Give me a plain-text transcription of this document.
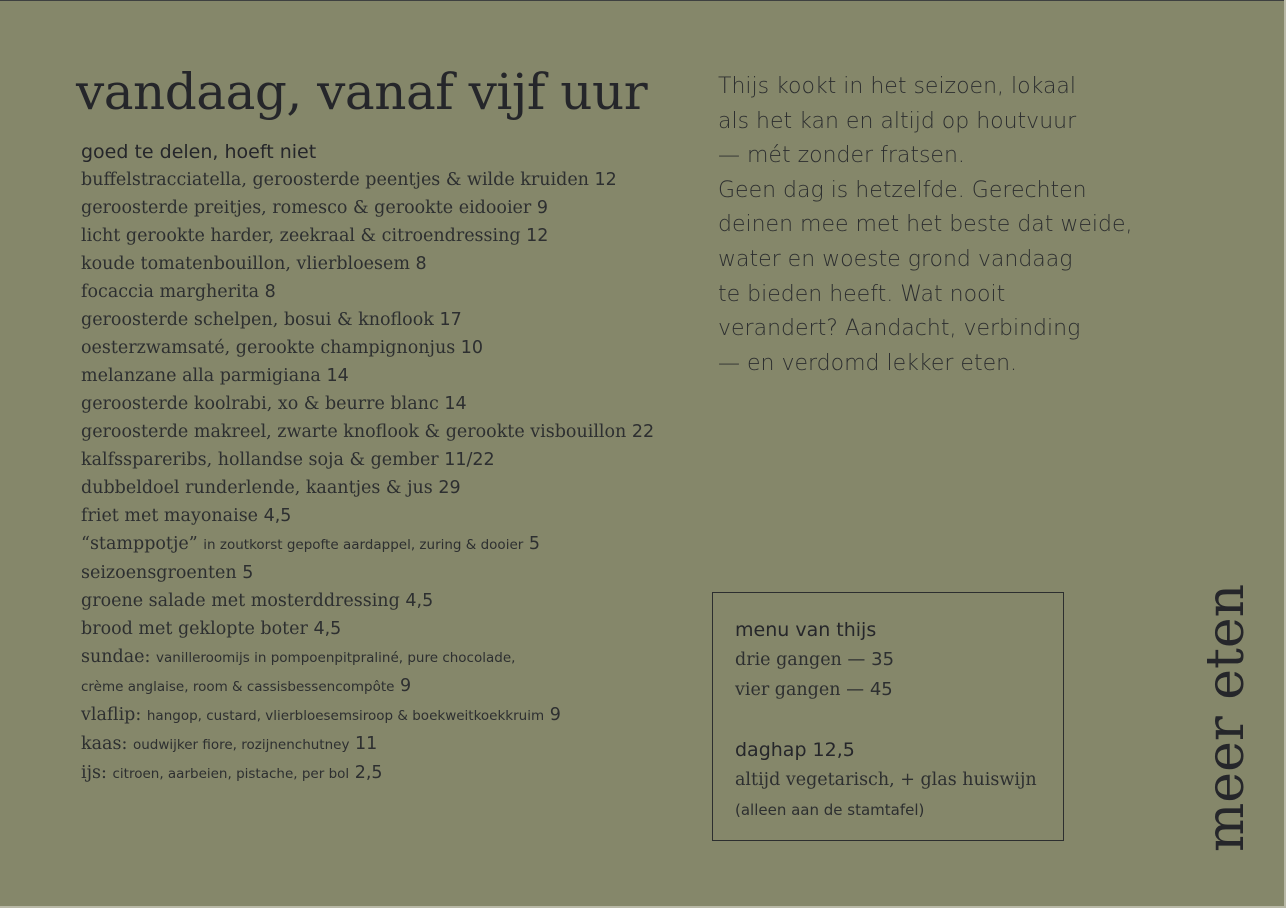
vandaag, vanaf vijf uur
goed te delen, hoeft niet
buffelstracciatella, geroosterde peentjes & wilde kruiden 12
geroosterde preitjes, romesco & gerookte eidooier 9
licht gerookte harder, zeekraal & citroendressing 12
koude tomatenbouillon, vlierbloesem 8
focaccia margherita 8
geroosterde schelpen, bosui & knoflook 17
oesterzwamsaté, gerookte champignonjus 10
melanzane alla parmigiana 14
geroosterde koolrabi, xo & beurre blanc 14
geroosterde makreel, zwarte knoflook & gerookte visbouillon 22
kalfsspareribs, hollandse soja & gember 11/22
dubbeldoel runderlende, kaantjes & jus 29
friet met mayonaise 4,5
“stamppotje” in zoutkorst gepofte aardappel, zuring & dooier 5
seizoensgroenten 5
groene salade met mosterddressing 4,5
brood met geklopte boter 4,5
sundae: vanilleroomijs in pompoenpitpraliné, pure chocolade,
crème anglaise, room & cassisbessencompôte 9
vlaflip: hangop, custard, vlierbloesemsiroop & boekweitkoekkruim 9
kaas: oudwijker fiore, rozijnenchutney 11
ijs: citroen, aarbeien, pistache, per bol 2,5

Thijs kookt in het seizoen, lokaal
als het kan en altijd op houtvuur
— mét zonder fratsen.
Geen dag is hetzelfde. Gerechten
deinen mee met het beste dat weide,
water en woeste grond vandaag
te bieden heeft. Wat nooit
verandert? Aandacht, verbinding
— en verdomd lekker eten.

menu van thijs
drie gangen — 35
vier gangen — 45
daghap 12,5
altijd vegetarisch, + glas huiswijn
(alleen aan de stamtafel)	meer eten
